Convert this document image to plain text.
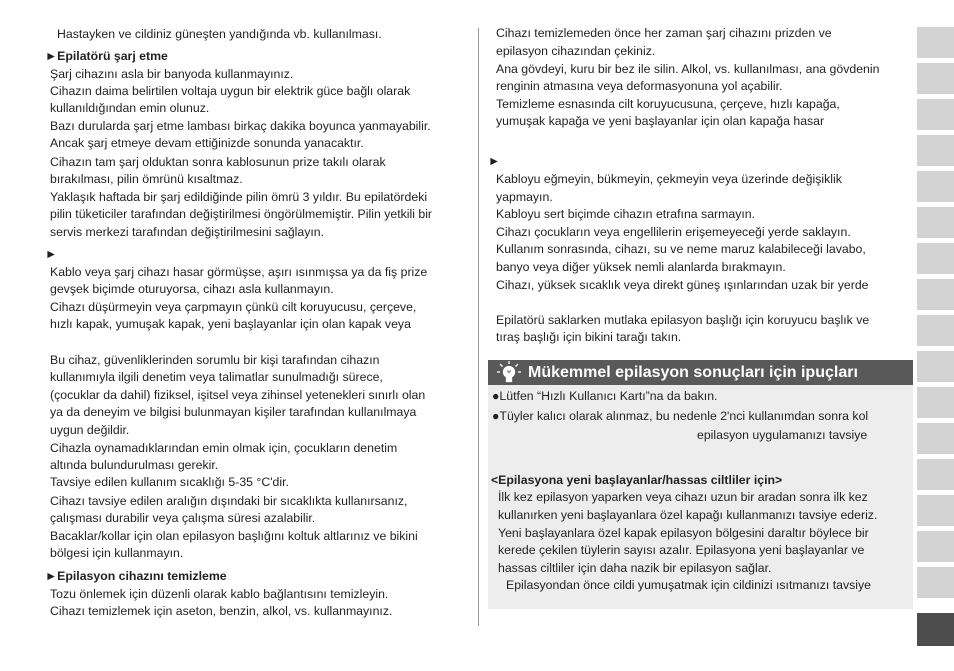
Hastayken ve cildiniz güneşten yandığında vb. kullanılması.
►Epilatörü şarj etme
Şarj cihazını asla bir banyoda kullanmayınız.
Cihazın daima belirtilen voltaja uygun bir elektrik güce bağlı olarak
kullanıldığından emin olunuz.
Bazı durularda şarj etme lambası birkaç dakika boyunca yanmayabilir.
Ancak şarj etmeye devam ettiğinizde sonunda yanacaktır.
Cihazın tam şarj olduktan sonra kablosunun prize takılı olarak
bırakılması, pilin ömrünü kısaltmaz.
Yaklaşık haftada bir şarj edildiğinde pilin ömrü 3 yıldır. Bu epilatördeki
pilin tüketiciler tarafından değiştirilmesi öngörülmemiştir. Pilin yetkili bir
servis merkezi tarafından değiştirilmesini sağlayın.
►
Kablo veya şarj cihazı hasar görmüşse, aşırı ısınmışsa ya da fiş prize
gevşek biçimde oturuyorsa, cihazı asla kullanmayın.
Cihazı düşürmeyin veya çarpmayın çünkü cilt koruyucusu, çerçeve,
hızlı kapak, yumuşak kapak, yeni başlayanlar için olan kapak veya
Bu cihaz, güvenliklerinden sorumlu bir kişi tarafından cihazın
kullanımıyla ilgili denetim veya talimatlar sunulmadığı sürece,
(çocuklar da dahil) fiziksel, işitsel veya zihinsel yetenekleri sınırlı olan
ya da deneyim ve bilgisi bulunmayan kişiler tarafından kullanılmaya
uygun değildir.
Cihazla oynamadıklarından emin olmak için, çocukların denetim
altında bulundurulması gerekir.
Tavsiye edilen kullanım sıcaklığı 5-35 °C'dir.
Cihazı tavsiye edilen aralığın dışındaki bir sıcaklıkta kullanırsanız,
çalışması durabilir veya çalışma süresi azalabilir.
Bacaklar/kollar için olan epilasyon başlığını koltuk altlarınız ve bikini
bölgesi için kullanmayın.
►Epilasyon cihazını temizleme
Tozu önlemek için düzenli olarak kablo bağlantısını temizleyin.
Cihazı temizlemek için aseton, benzin, alkol, vs. kullanmayınız.
Cihazı temizlemeden önce her zaman şarj cihazını prizden ve
epilasyon cihazından çekiniz.
Ana gövdeyi, kuru bir bez ile silin. Alkol, vs. kullanılması, ana gövdenin
renginin atmasına veya deformasyonuna yol açabilir.
Temizleme esnasında cilt koruyucusuna, çerçeve, hızlı kapağa,
yumuşak kapağa ve yeni başlayanlar için olan kapağa hasar
►
Kabloyu eğmeyin, bükmeyin, çekmeyin veya üzerinde değişiklik
yapmayın.
Kabloyu sert biçimde cihazın etrafına sarmayın.
Cihazı çocukların veya engellilerin erişemeyeceği yerde saklayın.
Kullanım sonrasında, cihazı, su ve neme maruz kalabileceği lavabo,
banyo veya diğer yüksek nemli alanlarda bırakmayın.
Cihazı, yüksek sıcaklık veya direkt güneş ışınlarından uzak bir yerde
Epilatörü saklarken mutlaka epilasyon başlığı için koruyucu başlık ve
tıraş başlığı için bikini tarağı takın.
Mükemmel epilasyon sonuçları için ipuçları
●Lütfen “Hızlı Kullanıcı Kartı”na da bakın.
●Tüyler kalıcı olarak alınmaz, bu nedenle 2'nci kullanımdan sonra kol
epilasyon uygulamanızı tavsiye
<Epilasyona yeni başlayanlar/hassas ciltliler için>
İlk kez epilasyon yaparken veya cihazı uzun bir aradan sonra ilk kez
kullanırken yeni başlayanlara özel kapağı kullanmanızı tavsiye ederiz.
Yeni başlayanlara özel kapak epilasyon bölgesini daraltır böylece bir
kerede çekilen tüylerin sayısı azalır. Epilasyona yeni başlayanlar ve
hassas ciltliler için daha nazik bir epilasyon sağlar.
Epilasyondan önce cildi yumuşatmak için cildinizi ısıtmanızı tavsiye
